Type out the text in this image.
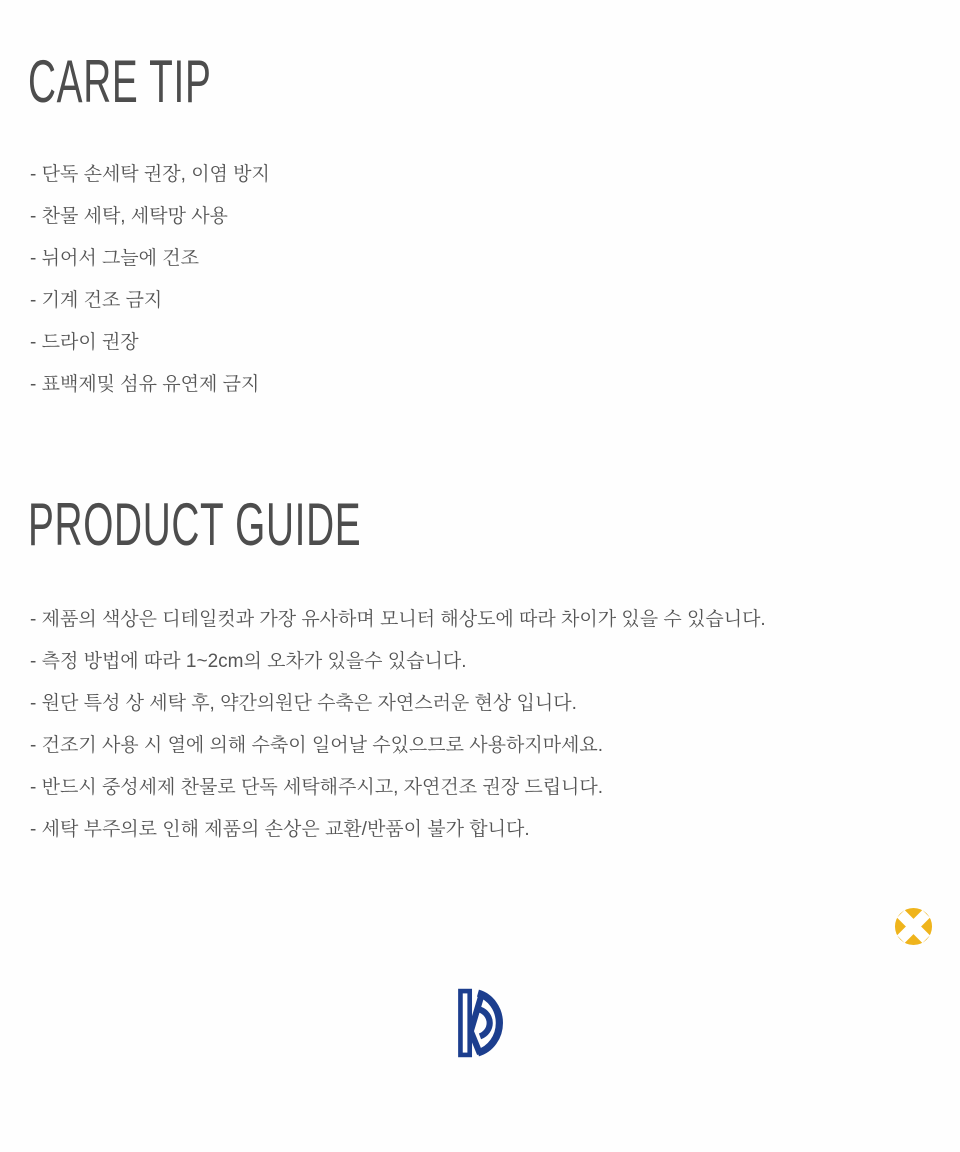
CARE TIP
- 단독 손세탁 권장, 이염 방지
- 찬물 세탁, 세탁망 사용
- 뉘어서 그늘에 건조
- 기계 건조 금지
- 드라이 권장
- 표백제및 섬유 유연제 금지
PRODUCT GUIDE
- 제품의 색상은 디테일컷과 가장 유사하며 모니터 해상도에 따라 차이가 있을 수 있습니다.
- 측정 방법에 따라 1~2cm의 오차가 있을수 있습니다.
- 원단 특성 상 세탁 후, 약간의원단 수축은 자연스러운 현상 입니다.
- 건조기 사용 시 열에 의해 수축이 일어날 수있으므로 사용하지마세요.
- 반드시 중성세제 찬물로 단독 세탁해주시고, 자연건조 권장 드립니다.
- 세탁 부주의로 인해 제품의 손상은 교환/반품이 불가 합니다.
